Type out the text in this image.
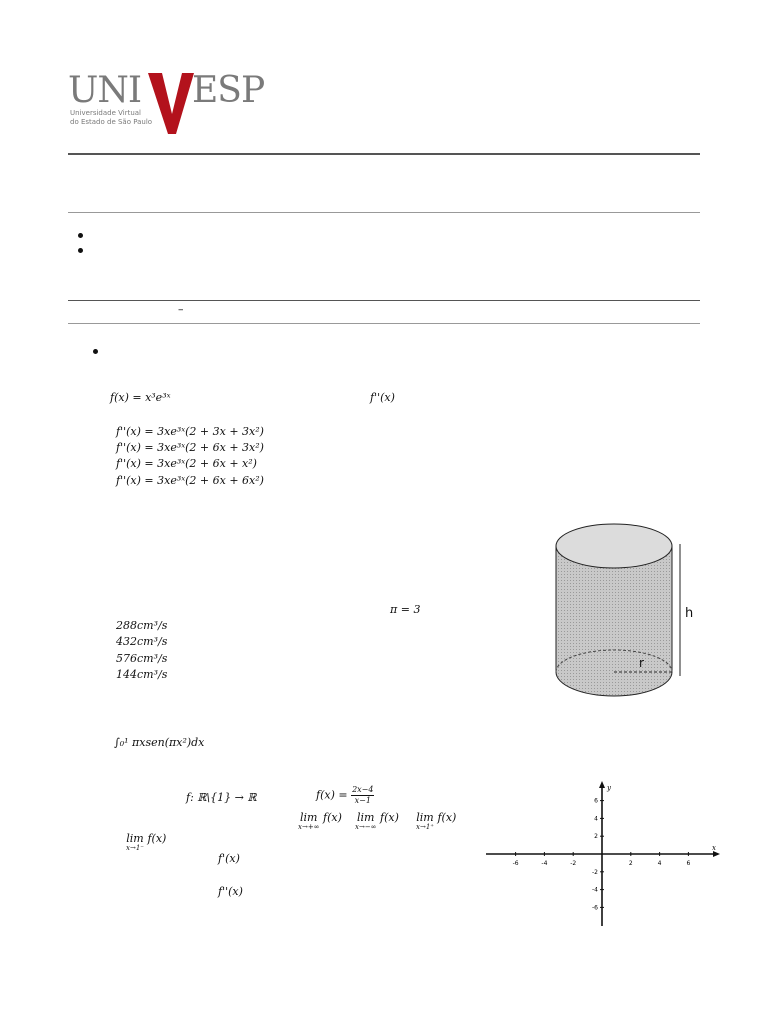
UNI ESP
Universidade Virtual
do Estado de São Paulo
–
f(x) = x³e³ˣ	f''(x)
f''(x) = 3xe³ˣ(2 + 3x + 3x²)
f''(x) = 3xe³ˣ(2 + 6x + 3x²)
f''(x) = 3xe³ˣ(2 + 6x + x²)
f''(x) = 3xe³ˣ(2 + 6x + 6x²)
π = 3
288cm³/s
432cm³/s
576cm³/s
144cm³/s
h
r
∫₀¹ πxsen(πx²)dx
f: ℝ\{1} → ℝ	$f(x) = \frac{2x-4}{x-1}$
lim
x→+∞
f(x) lim
x→−∞
f(x) lim
x→1⁺
f(x)
lim
x→1⁻
f(x)
f'(x)
f''(x)
x
y
-6	-4	-2	2	4	6
6
4
2
-2
-4
-6
